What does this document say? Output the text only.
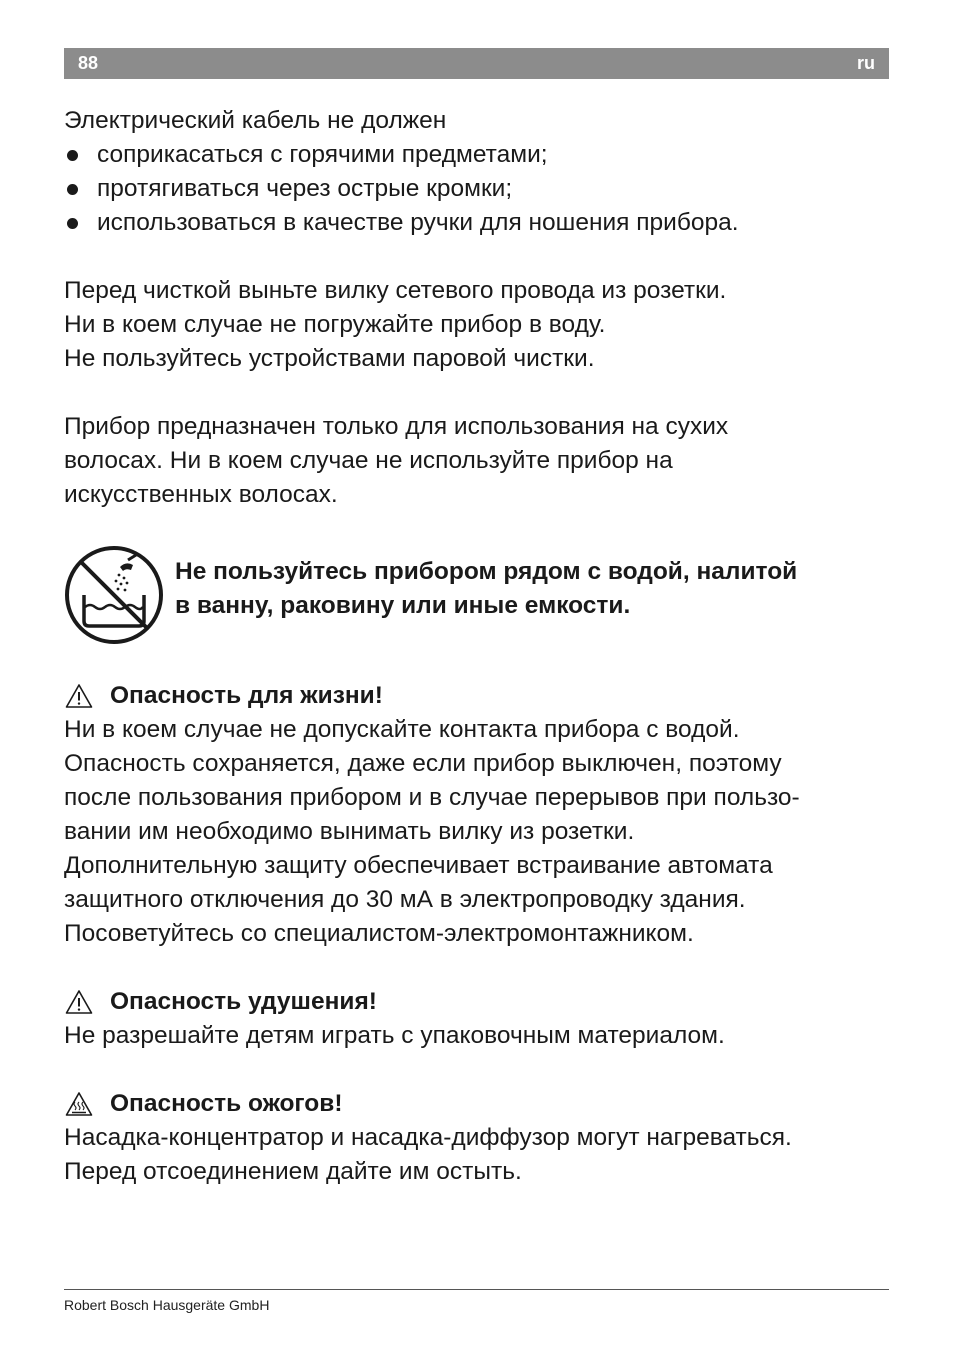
88	ru

Электрический кабель не должен

соприкасаться с горячими предметами;
протягиваться через острые кромки;
использоваться в качестве ручки для ношения прибора.

Перед чисткой выньте вилку сетевого провода из розетки.

Ни в коем случае не погружайте прибор в воду.

Не пользуйтесь устройствами паровой чистки.

Прибор предназначен только для использования на сухих

волосах. Ни в коем случае не используйте прибор на

искусственных волосах.

Не пользуйтесь прибором рядом с водой, налитой

в ванну, раковину или иные емкости.

Опасность для жизни!

Ни в коем случае не допускайте контакта прибора с водой.

Опасность сохраняется, даже если прибор выключен, поэтому

после пользования прибором и в случае перерывов при пользо-

вании им необходимо вынимать вилку из розетки.

Дополнительную защиту обеспечивает встраивание автомата

защитного отключения до 30 мА в электропроводку здания.

Посоветуйтесь со специалистом-электромонтажником.

Опасность удушения!

Не разрешайте детям играть с упаковочным материалом.

Опасность ожогов!

Насадка-концентратор и насадка-диффузор могут нагреваться.

Перед отсоединением дайте им остыть.

Robert Bosch Hausgeräte GmbH
